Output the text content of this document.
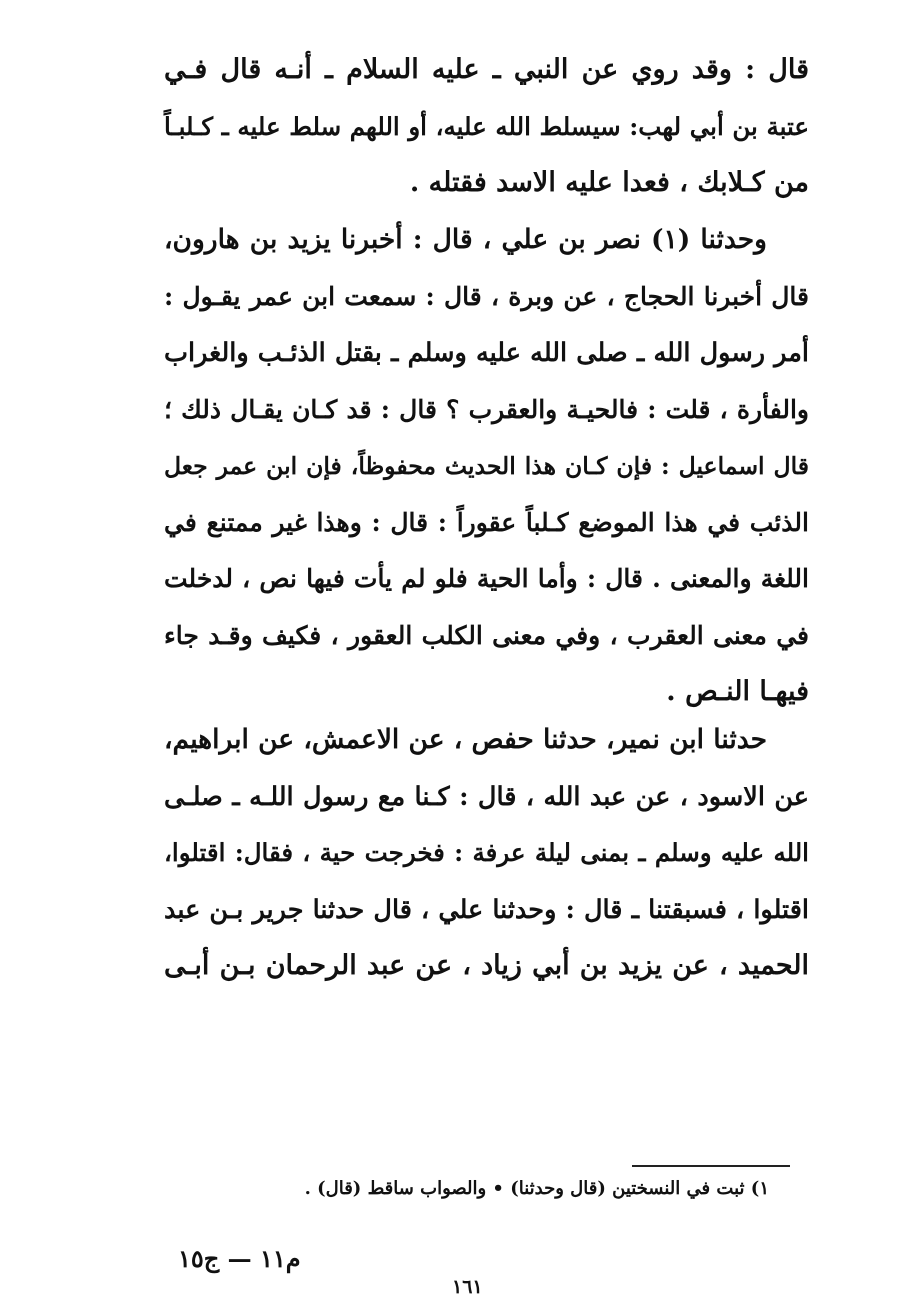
قال : وقد روي عن النبي ـ عليه السلام ـ أنـه قال فـي
عتبة بن أبي لهب: سيسلط الله عليه، أو اللهم سلط عليه ـ كـلبـاً
من كـلابك ، فعدا عليه الاسد فقتله .
وحدثنا (١) نصر بن علي ، قال : أخبرنا يزيد بن هارون،
قال أخبرنا الحجاج ، عن وبرة ، قال : سمعت ابن عمر يقـول :
أمر رسول الله ـ صلى الله عليه وسلم ـ بقتل الذئـب والغراب
والفأرة ، قلت : فالحيـة والعقرب ؟ قال : قد كـان يقـال ذلك ؛
قال اسماعيل : فإن كـان هذا الحديث محفوظاً، فإن ابن عمر جعل
الذئب في هذا الموضع كـلباً عقوراً : قال : وهذا غير ممتنع في
اللغة والمعنى . قال : وأما الحية فلو لم يأت فيها نص ، لدخلت
في معنى العقرب ، وفي معنى الكلب العقور ، فكيف وقـد جاء
فيهـا النـص .
حدثنا ابن نمير، حدثنا حفص ، عن الاعمش، عن ابراهيم،
عن الاسود ، عن عبد الله ، قال : كـنا مع رسول اللـه ـ صلـى
الله عليه وسلم ـ بمنى ليلة عرفة : فخرجت حية ، فقال: اقتلوا،
اقتلوا ، فسبقتنا ـ قال : وحدثنا علي ، قال حدثنا جرير بـن عبد
الحميد ، عن يزيد بن أبي زياد ، عن عبد الرحمان بـن أبـى
١) ثبت في النسختين (قال وحدثنا) • والصواب ساقط (قال) .
م١١ — ج١٥
١٦١
